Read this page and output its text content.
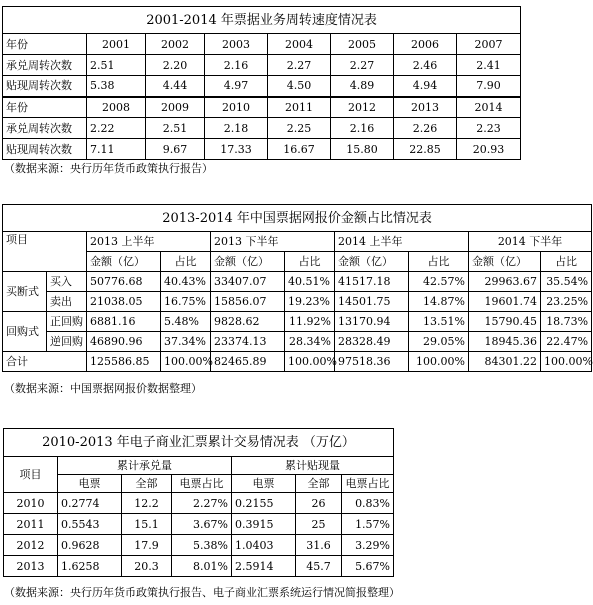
2001-2014 年票据业务周转速度情况表							
年份	2001	2002	2003	2004	2005	2006	2007
承兑周转次数	2.51	2.20	2.16	2.27	2.27	2.46	2.41
贴现周转次数	5.38	4.44	4.97	4.50	4.89	4.94	7.90
年份	2008	2009	2010	2011	2012	2013	2014
承兑周转次数	2.22	2.51	2.18	2.25	2.16	2.26	2.23
贴现周转次数	7.11	9.67	17.33	16.67	15.80	22.85	20.93
（数据来源：央行历年货币政策执行报告）
2013-2014 年中国票据网报价金额占比情况表									
项目		2013 上半年		2013 下半年		2014 上半年		2014 下半年	
		金额（亿）	占比	金额（亿）	占比	金额（亿）	占比	金额（亿）	占比
买断式	买入	50776.68	40.43%	33407.07	40.51%	41517.18	42.57%	29963.67	35.54%
	卖出	21038.05	16.75%	15856.07	19.23%	14501.75	14.87%	19601.74	23.25%
回购式	正回购	6881.16	5.48%	9828.62	11.92%	13170.94	13.51%	15790.45	18.73%
	逆回购	46890.96	37.34%	23374.13	28.34%	28328.49	29.05%	18945.36	22.47%
合计		125586.85	100.00%	82465.89	100.00%	97518.36	100.00%	84301.22	100.00%
（数据来源：中国票据网报价数据整理）
2010-2013 年电子商业汇票累计交易情况表 （万亿）						
项目	累计承兑量			累计贴现量		
	电票	全部	电票占比	电票	全部	电票占比
2010	0.2774	12.2	2.27%	0.2155	26	0.83%
2011	0.5543	15.1	3.67%	0.3915	25	1.57%
2012	0.9628	17.9	5.38%	1.0403	31.6	3.29%
2013	1.6258	20.3	8.01%	2.5914	45.7	5.67%
（数据来源：央行历年货币政策执行报告、电子商业汇票系统运行情况简报整理）
